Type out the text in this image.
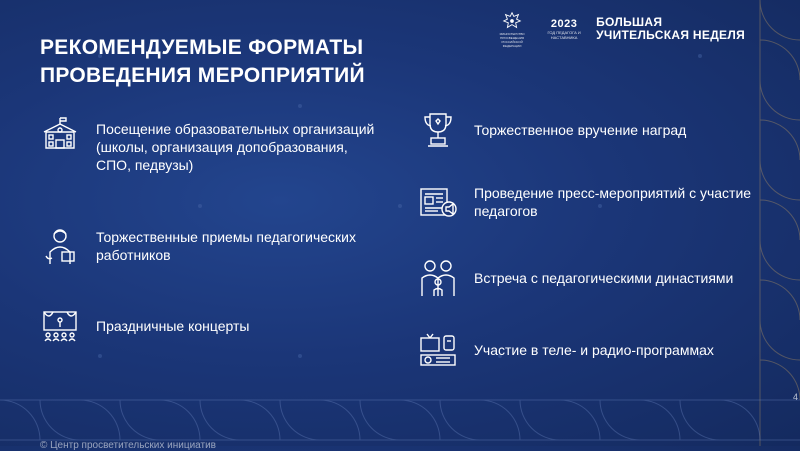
МИНИСТЕРСТВО ПРОСВЕЩЕНИЯ РОССИЙСКОЙ ФЕДЕРАЦИИ
2023
ГОД ПЕДАГОГА И НАСТАВНИКА
БОЛЬШАЯ
УЧИТЕЛЬСКАЯ НЕДЕЛЯ
РЕКОМЕНДУЕМЫЕ ФОРМАТЫ
ПРОВЕДЕНИЯ МЕРОПРИЯТИЙ
Посещение образовательных организаций (школы, организация допобразования, СПО, педвузы)
Торжественные приемы педагогических работников
Праздничные концерты
Торжественное вручение наград
Проведение пресс-мероприятий с участие педагогов
Встреча с педагогическими династиями
Участие в теле- и радио-программах
© Центр просветительских инициатив
4
